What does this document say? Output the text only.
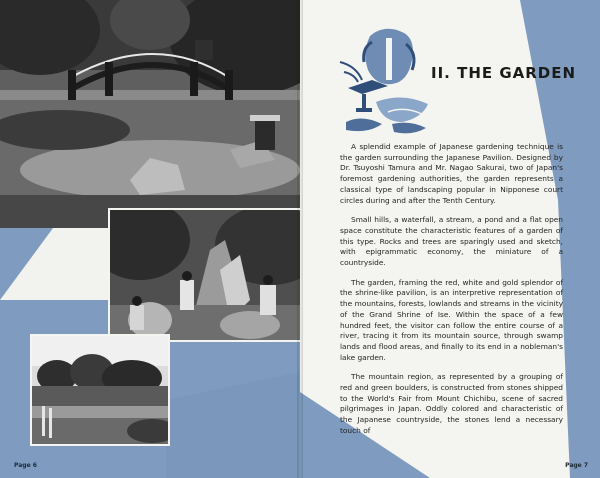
Page 6
II. THE GARDEN

A splendid example of Japanese gardening technique is the garden surrounding the Japanese Pavilion. Designed by Dr. Tsuyoshi Tamura and Mr. Nagao Sakurai, two of Japan's foremost gardening authorities, the garden represents a classical type of landscaping popular in Nipponese court circles during and after the Tenth Century.

Small hills, a waterfall, a stream, a pond and a flat open space constitute the characteristic features of a garden of this type. Rocks and trees are sparingly used and sketch, with epigrammatic economy, the miniature of a countryside.

The garden, framing the red, white and gold splendor of the shrine-like pavilion, is an interpretive representation of the mountains, forests, lowlands and streams in the vicinity of the Grand Shrine of Ise. Within the space of a few hundred feet, the visitor can follow the entire course of a river, tracing it from its mountain source, through swamp lands and flood areas, and finally to its end in a nobleman's lake garden.

The mountain region, as represented by a grouping of red and green boulders, is constructed from stones shipped to the World's Fair from Mount Chichibu, scene of sacred pilgrimages in Japan. Oddly colored and characteristic of the Japanese countryside, the stones lend a necessary touch of

Page 7
